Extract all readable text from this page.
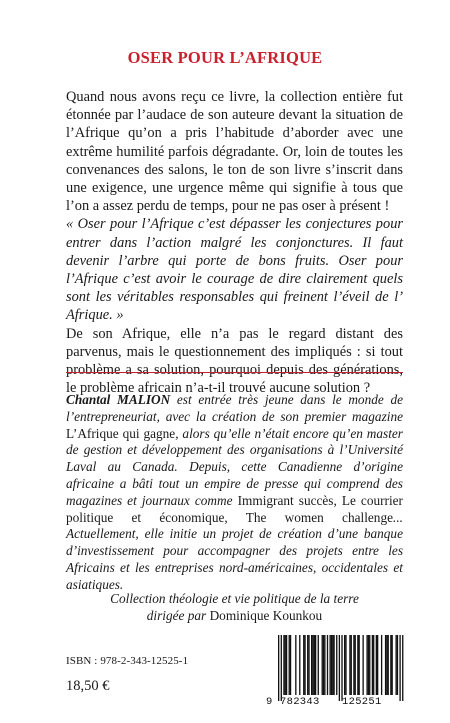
OSER POUR L’AFRIQUE

Quand nous avons reçu ce livre, la collection entière fut étonnée par l’audace de son auteure devant la situation de l’Afrique qu’on a pris l’habitude d’aborder avec une extrême humilité parfois dégradante. Or, loin de toutes les convenances des salons, le ton de son livre s’inscrit dans une exigence, une urgence même qui signifie à tous que l’on a assez perdu de temps, pour ne pas oser à présent !

« Oser pour l’Afrique c’est dépasser les conjectures pour entrer dans l’action malgré les conjonctures. Il faut devenir l’arbre qui porte de bons fruits. Oser pour l’Afrique c’est avoir le courage de dire clairement quels sont les véritables responsables qui freinent l’éveil de l’ Afrique. »

De son Afrique, elle n’a pas le regard distant des parvenus, mais le questionnement des impliqués : si tout problème a sa solution, pourquoi depuis des générations, le problème africain n’a-t-il trouvé aucune solution ?

Chantal MALION est entrée très jeune dans le monde de l’entrepreneuriat, avec la création de son premier magazine L’Afrique qui gagne, alors qu’elle n’était encore qu’en master de gestion et développement des organisations à l’Université Laval au Canada. Depuis, cette Canadienne d’origine africaine a bâti tout un empire de presse qui comprend des magazines et journaux comme Immigrant succès, Le courrier politique et économique, The women challenge... Actuellement, elle initie un projet de création d’une banque d’investissement pour accompagner des projets entre les Africains et les entreprises nord-américaines, occidentales et asiatiques.
Collection théologie et vie politique de la terre
dirigée par Dominique Kounkou
ISBN : 978-2-343-12525-1
18,50 €
9 782343 125251
